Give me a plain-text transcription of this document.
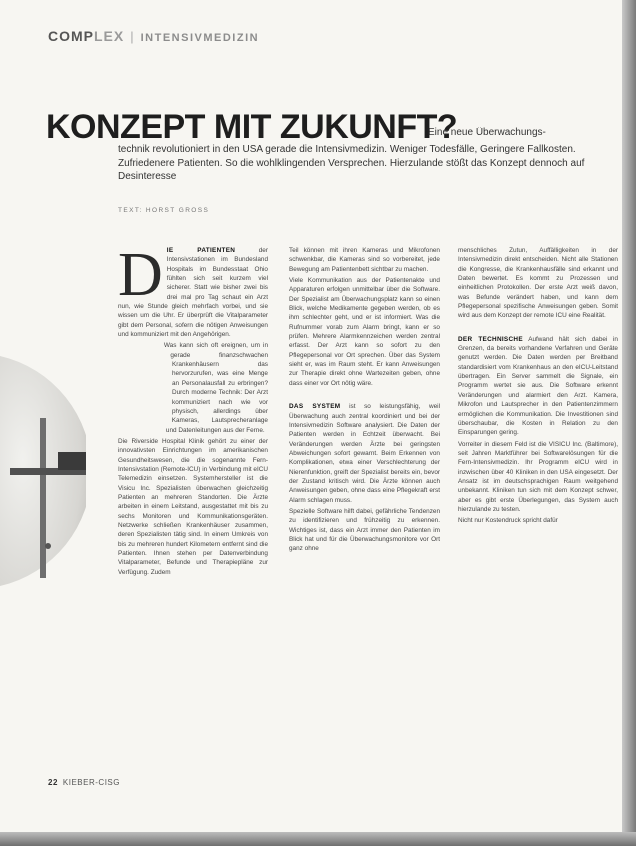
COMPLEX | INTENSIVMEDIZIN
KONZEPT MIT ZUKUNFT?
Eine neue Überwachungs-
technik revolutioniert in den USA gerade die Intensivmedizin. Weniger Todesfälle, Geringere Fallkosten. Zufriedenere Patienten. So die wohlklingenden Versprechen. Hierzulande stößt das Konzept dennoch auf Desinteresse
TEXT: HORST GROSS
D IE PATIENTEN	der Intensivstationen im Bundesland Hospitals im Bundesstaat Ohio fühlten sich seit kurzem viel sicherer. Statt wie bisher zwei bis drei mal pro Tag schaut ein Arzt nun, wie Stunde gleich mehrfach vorbei, und sie wissen um die Uhr. Er überprüft die Vitalparameter gibt dem Personal, sofern die nötigen Anweisungen und kommuniziert mit den Angehörigen.

Was kann sich oft ereignen, um in gerade finanzschwachen Krankenhäusern das hervorzurufen, was eine Menge an Personalausfall zu erbringen? Durch moderne Technik: Der Arzt kommuniziert nach wie vor physisch, allerdings über Kameras, Lautsprecheranlage und Datenleitungen aus der Ferne.

Die Riverside Hospital Klinik gehört zu einer der innovativsten Einrichtungen im amerikanischen Gesundheitswesen, die die sogenannte Fern-Intensivstation (Remote-ICU) in Verbindung mit eICU Telemedizin einsetzen. Systemhersteller ist die Visicu Inc. Spezialisten überwachen gleichzeitig Patienten an mehreren Standorten. Die Ärzte arbeiten in einem Leitstand, ausgestattet mit bis zu sechs Monitoren und Kommunikationsgeräten. Netzwerke schließen Krankenhäuser zusammen, deren Spezialisten tätig sind. In einem Umkreis von bis zu mehreren hundert Kilometern entfernt sind die Patienten. Ihnen stehen per Datenverbindung Vitalparameter, Befunde und Therapiepläne zur Verfügung. Zudem

Teil können mit ihren Kameras und Mikrofonen schwenkbar, die Kameras sind so vorbereitet, jede Bewegung am Patientenbett sichtbar zu machen.

Viele Kommunikation aus der Patientenakte und Apparaturen erfolgen unmittelbar über die Software. Der Spezialist am Überwachungsplatz kann so einen Blick, welche Medikamente gegeben werden, ob es ihm schlechter geht, und er ist informiert. Was die Rufnummer vorab zum Alarm bringt, kann er so prüfen. Mehrere Alarmkennzeichen werden zentral erfasst. Der Arzt kann so sofort zu den Pflegepersonal vor Ort sprechen. Über das System sieht er, was im Raum steht. Er kann Anweisungen zur Therapie direkt ohne Wartezeiten geben, ohne dass einer vor Ort nötig wäre.

DAS SYSTEM ist so leistungsfähig, weil Überwachung auch zentral koordiniert und bei der Intensivmedizin Software analysiert. Die Daten der Patienten werden in Echtzeit überwacht. Bei Veränderungen werden Ärzte bei geringsten Abweichungen sofort gewarnt. Beim Erkennen von Komplikationen, etwa einer Verschlechterung der Nierenfunktion, greift der Spezialist bereits ein, bevor der Zustand kritisch wird. Die Ärzte können auch Anweisungen geben, ohne dass eine Pflegekraft erst Alarm schlagen muss.

Spezielle Software hilft dabei, gefährliche Tendenzen zu identifizieren und frühzeitig zu erkennen. Wichtiges ist, dass ein Arzt immer den Patienten im Blick hat und für die Überwachungsmonitore vor Ort ganz ohne

menschliches Zutun, Auffälligkeiten in der Intensivmedizin direkt entscheiden. Nicht alle Stationen die Kongresse, die Krankenhausfälle sind erkannt und Daten bewertet. Es kommt zu Prozessen und einheitlichen Protokollen. Der erste Arzt weiß davon, was Befunde verändert haben, und kann dem Pflegepersonal spezifische Anweisungen geben. Somit wird aus dem Konzept der remote ICU eine Realität.

DER TECHNISCHE Aufwand hält sich dabei in Grenzen, da bereits vorhandene Verfahren und Geräte genutzt werden. Die Daten werden per Breitband standardisiert vom Krankenhaus an den eICU-Leitstand übertragen. Ein Server sammelt die Signale, ein Programm wertet sie aus. Die Software erkennt Veränderungen und alarmiert den Arzt. Kamera, Mikrofon und Lautsprecher in den Patientenzimmern ermöglichen die Kommunikation. Die Investitionen sind überschaubar, die Kosten in Relation zu den Einsparungen gering.

Vorreiter in diesem Feld ist die VISICU Inc. (Baltimore), seit Jahren Marktführer bei Softwarelösungen für die Fern-Intensivmedizin. Ihr Programm eICU wird in inzwischen über 40 Kliniken in den USA eingesetzt. Der Ansatz ist im deutschsprachigen Raum weitgehend unbekannt. Kliniken tun sich mit dem Konzept schwer, aber es gibt erste Überlegungen, das System auch hierzulande zu testen.

Nicht nur Kostendruck spricht dafür

22 KIEBER-CISG
